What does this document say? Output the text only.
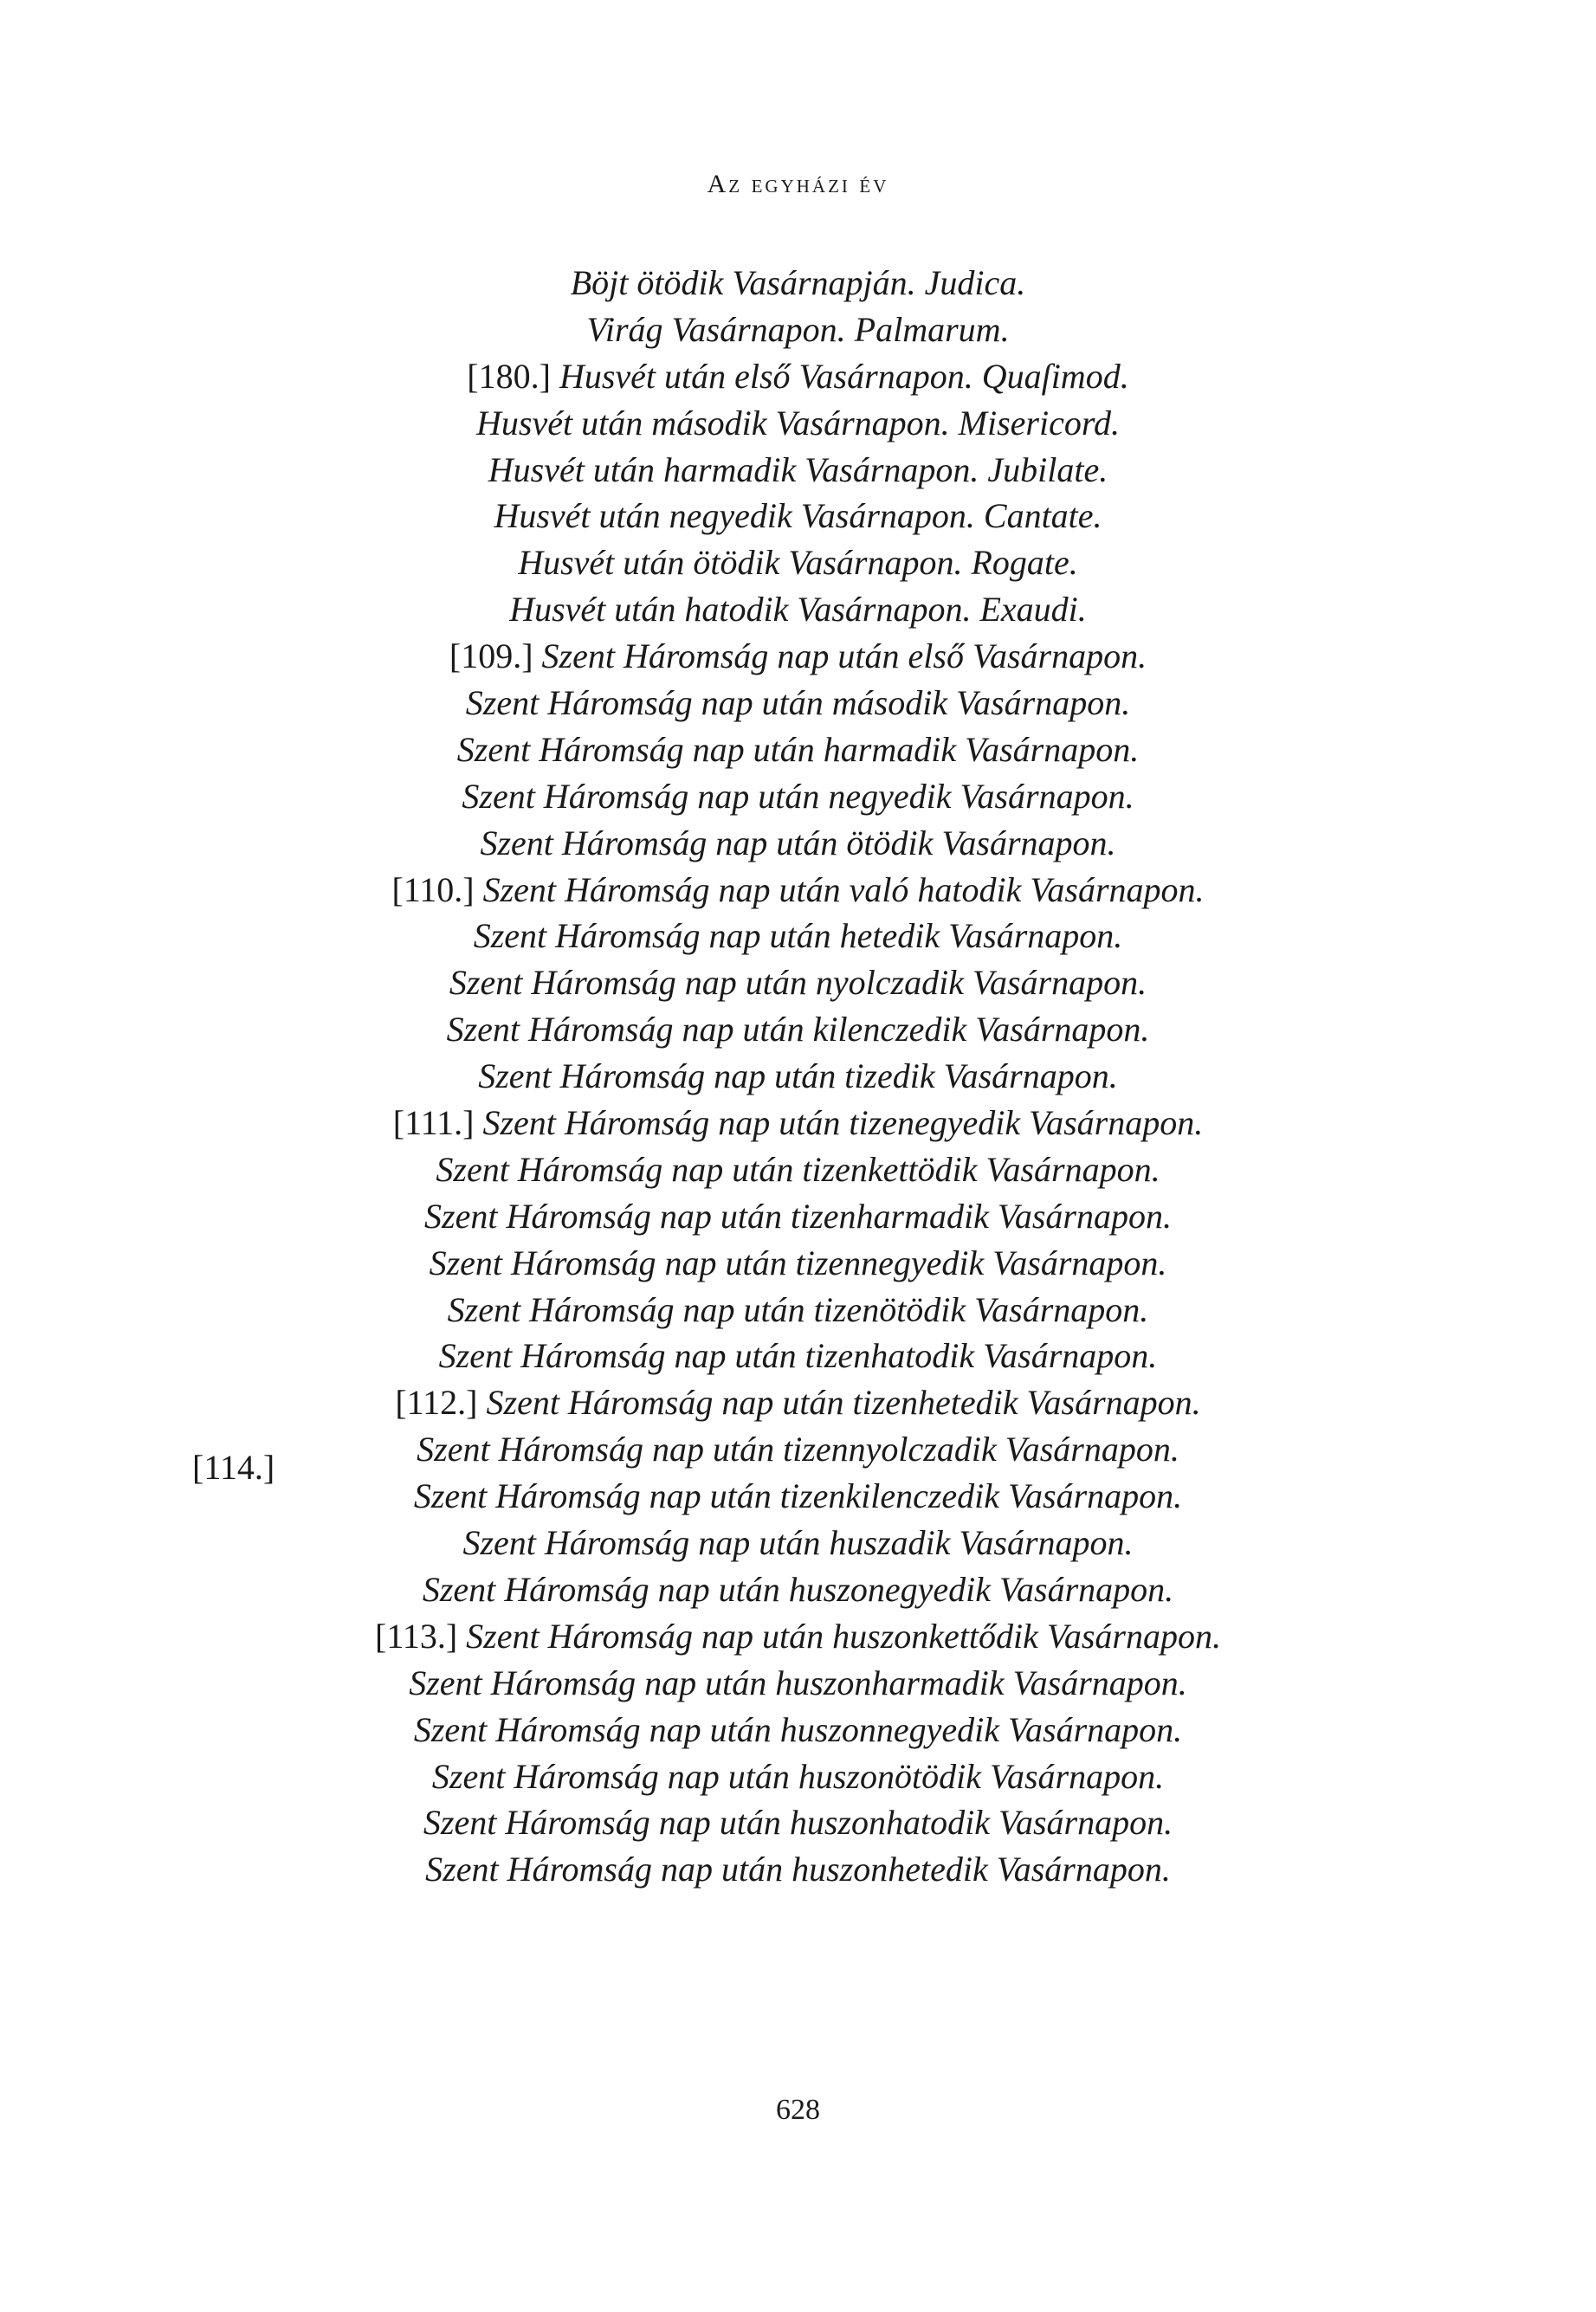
Az egyházi év
Böjt ötödik Vasárnapján. Judica.
Virág Vasárnapon. Palmarum.
[180.] Husvét után első Vasárnapon. Quaſimod.
Husvét után második Vasárnapon. Misericord.
Husvét után harmadik Vasárnapon. Jubilate.
Husvét után negyedik Vasárnapon. Cantate.
Husvét után ötödik Vasárnapon. Rogate.
Husvét után hatodik Vasárnapon. Exaudi.
[109.] Szent Háromság nap után első Vasárnapon.
Szent Háromság nap után második Vasárnapon.
Szent Háromság nap után harmadik Vasárnapon.
Szent Háromság nap után negyedik Vasárnapon.
Szent Háromság nap után ötödik Vasárnapon.
[110.] Szent Háromság nap után való hatodik Vasárnapon.
Szent Háromság nap után hetedik Vasárnapon.
Szent Háromság nap után nyolczadik Vasárnapon.
Szent Háromság nap után kilenczedik Vasárnapon.
Szent Háromság nap után tizedik Vasárnapon.
[111.] Szent Háromság nap után tizenegyedik Vasárnapon.
Szent Háromság nap után tizenkettödik Vasárnapon.
Szent Háromság nap után tizenharmadik Vasárnapon.
Szent Háromság nap után tizennegyedik Vasárnapon.
Szent Háromság nap után tizenötödik Vasárnapon.
Szent Háromság nap után tizenhatodik Vasárnapon.
[112.] Szent Háromság nap után tizenhetedik Vasárnapon.
Szent Háromság nap után tizennyolczadik Vasárnapon.
Szent Háromság nap után tizenkilenczedik Vasárnapon.
Szent Háromság nap után huszadik Vasárnapon.
Szent Háromság nap után huszonegyedik Vasárnapon.
[113.] Szent Háromság nap után huszonkettődik Vasárnapon.
Szent Háromság nap után huszonharmadik Vasárnapon.
Szent Háromság nap után huszonnegyedik Vasárnapon.
Szent Háromság nap után huszonötödik Vasárnapon.
Szent Háromság nap után huszonhatodik Vasárnapon.
Szent Háromság nap után huszonhetedik Vasárnapon.
[114.]
628
